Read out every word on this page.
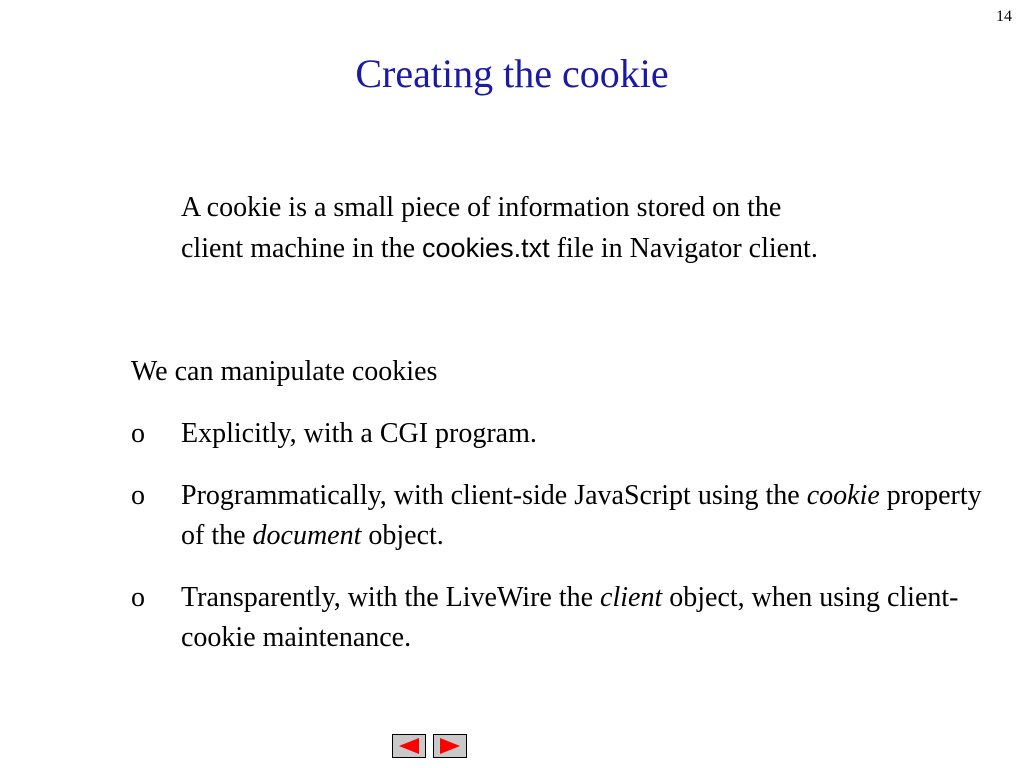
14
Creating the cookie
A cookie is a small piece of information stored on the
client machine in the cookies.txt file in Navigator client.
We can manipulate cookies
o Explicitly, with a CGI program.
o Programmatically, with client-side JavaScript using the cookie property of the document object.
o Transparently, with the LiveWire the client object, when using client-cookie maintenance.
